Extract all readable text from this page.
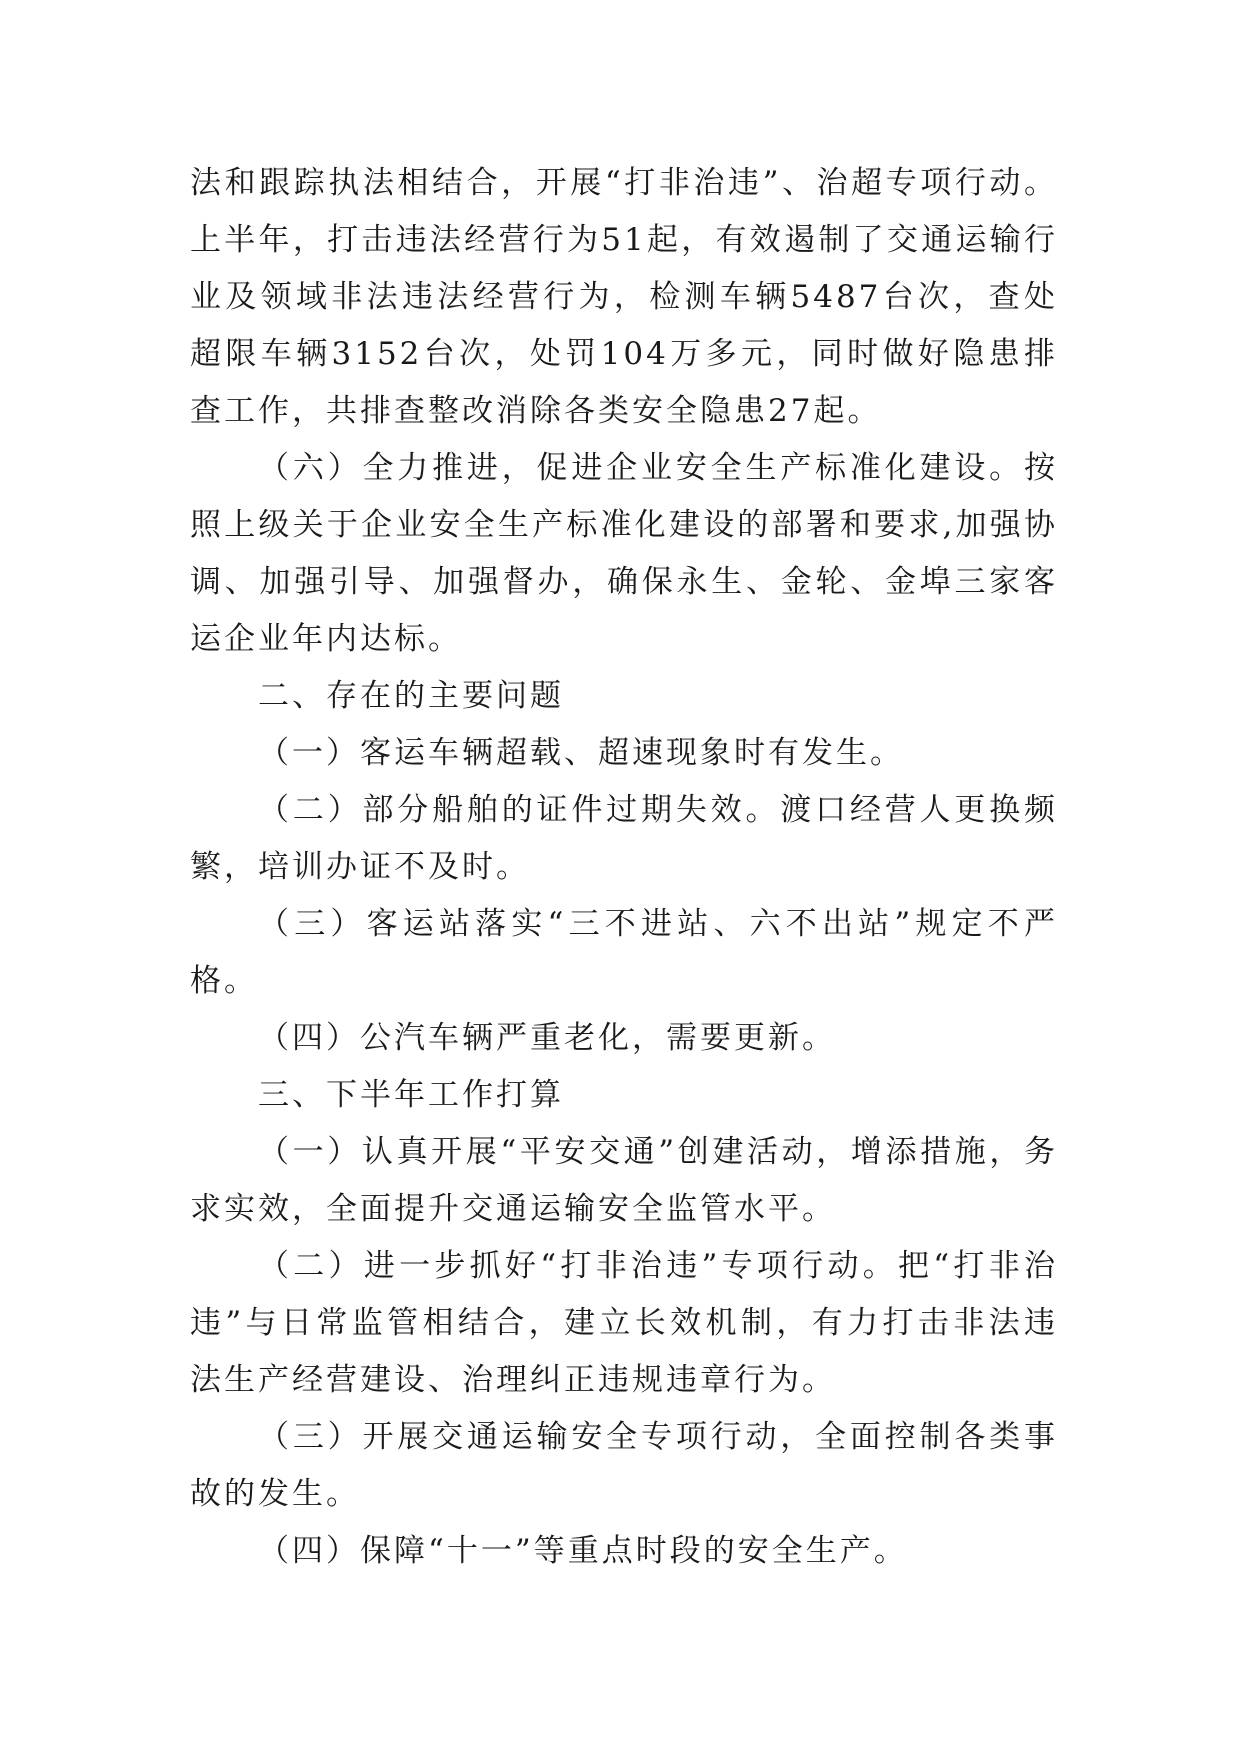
法和跟踪执法相结合，开展“打非治违”、治超专项行动。上半年，打击违法经营行为51起，有效遏制了交通运输行业及领域非法违法经营行为，检测车辆5487台次，查处超限车辆3152台次，处罚104万多元，同时做好隐患排查工作，共排查整改消除各类安全隐患27起。

（六）全力推进，促进企业安全生产标准化建设。按照上级关于企业安全生产标准化建设的部署和要求,加强协调、加强引导、加强督办，确保永生、金轮、金埠三家客运企业年内达标。

二、存在的主要问题

（一）客运车辆超载、超速现象时有发生。

（二）部分船舶的证件过期失效。渡口经营人更换频繁，培训办证不及时。

（三）客运站落实“三不进站、六不出站”规定不严格。

（四）公汽车辆严重老化，需要更新。

三、下半年工作打算

（一）认真开展“平安交通”创建活动，增添措施，务求实效，全面提升交通运输安全监管水平。

（二）进一步抓好“打非治违”专项行动。把“打非治违”与日常监管相结合，建立长效机制，有力打击非法违法生产经营建设、治理纠正违规违章行为。

（三）开展交通运输安全专项行动，全面控制各类事故的发生。

（四）保障“十一”等重点时段的安全生产。
